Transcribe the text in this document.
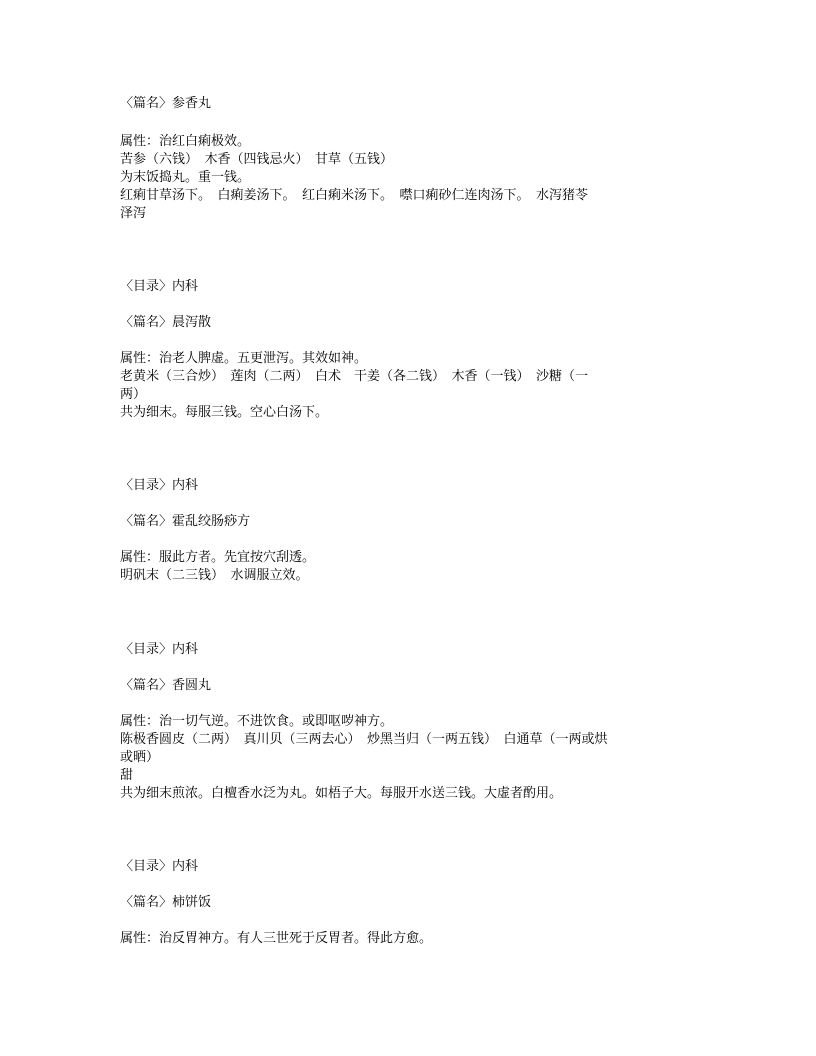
〈篇名〉参香丸
属性：治红白痢极效。
苦参（六钱）　木香（四钱忌火）　甘草（五钱）
为末饭捣丸。重一钱。
红痢甘草汤下。　白痢姜汤下。　红白痢米汤下。　噤口痢砂仁连肉汤下。　水泻猪苓
泽泻
〈目录〉内科
〈篇名〉晨泻散
属性：治老人脾虚。五更泄泻。其效如神。
老黄米（三合炒）　莲肉（二两）　白术　干姜（各二钱）　木香（一钱）　沙糖（一
两）
共为细末。每服三钱。空心白汤下。
〈目录〉内科
〈篇名〉霍乱绞肠痧方
属性：服此方者。先宜按穴刮透。
明矾末（二三钱）　水调服立效。
〈目录〉内科
〈篇名〉香圆丸
属性：治一切气逆。不进饮食。或即呕哕神方。
陈极香圆皮（二两）　真川贝（三两去心）　炒黑当归（一两五钱）　白通草（一两或烘
或晒）
甜
共为细末煎浓。白檀香水泛为丸。如梧子大。每服开水送三钱。大虚者酌用。
〈目录〉内科
〈篇名〉柿饼饭
属性：治反胃神方。有人三世死于反胃者。得此方愈。
